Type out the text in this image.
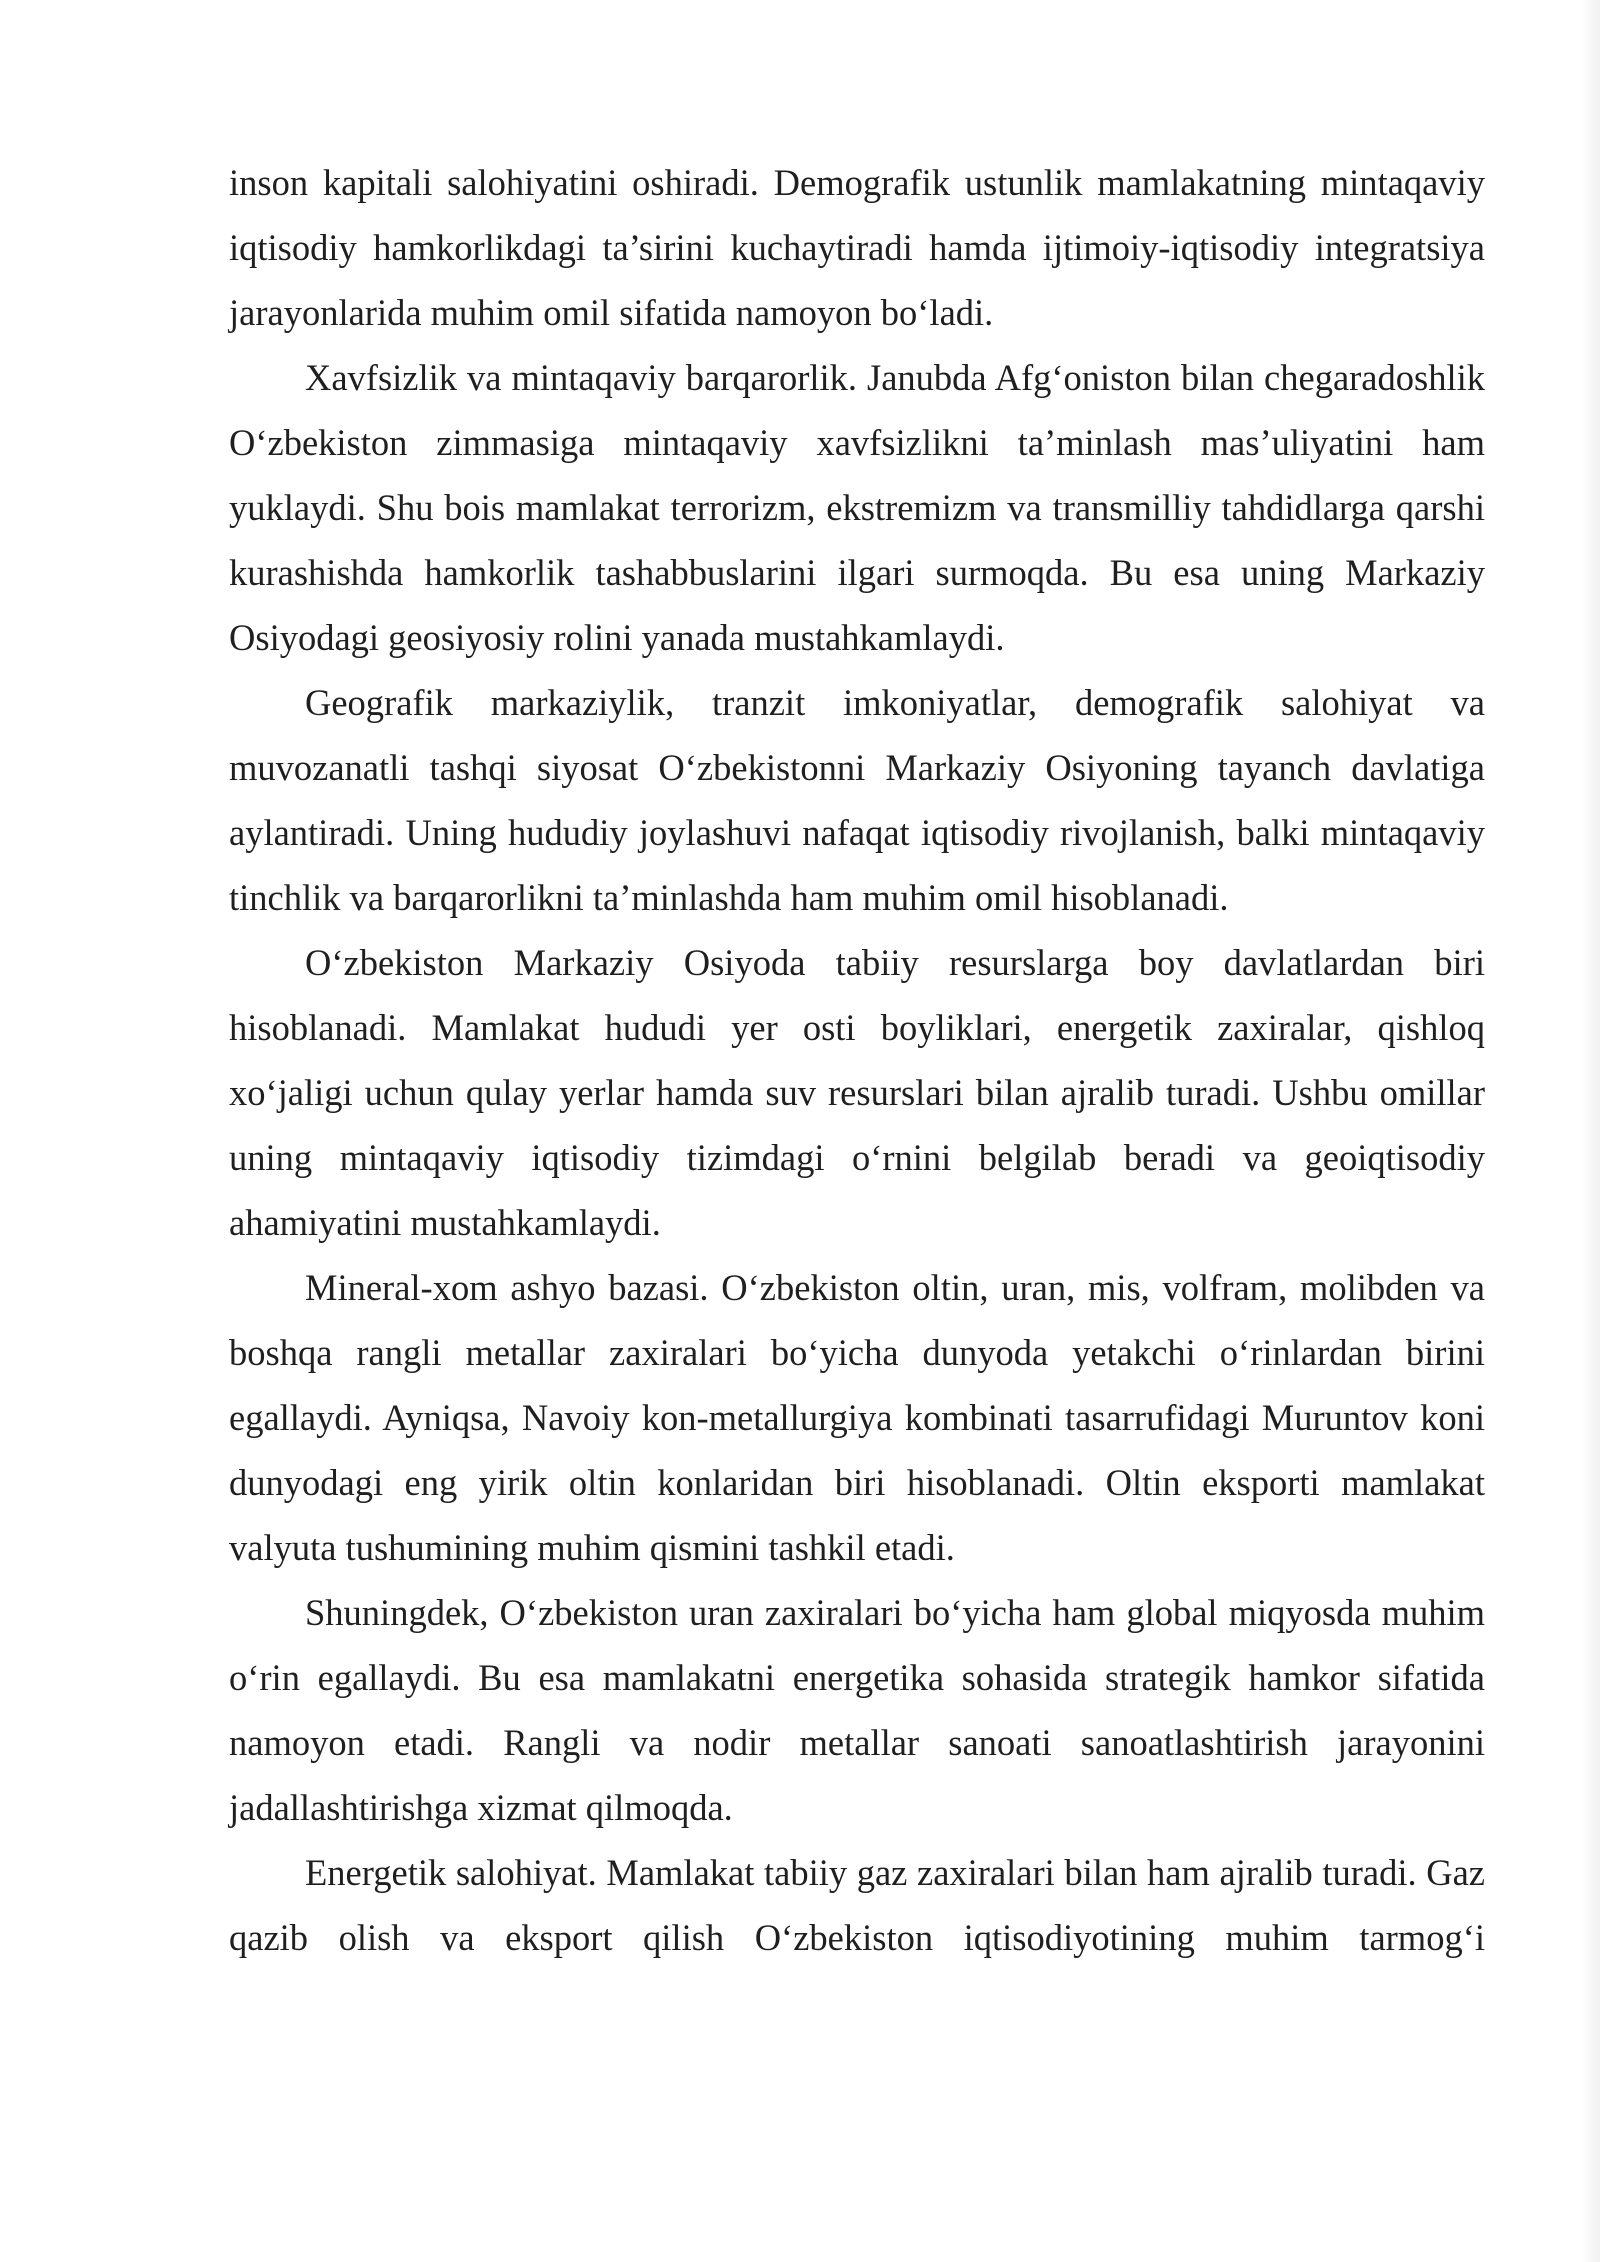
inson kapitali salohiyatini oshiradi. Demografik ustunlik mamlakatning mintaqaviy iqtisodiy hamkorlikdagi ta’sirini kuchaytiradi hamda ijtimoiy-iqtisodiy integratsiya jarayonlarida muhim omil sifatida namoyon bo‘ladi.

Xavfsizlik va mintaqaviy barqarorlik. Janubda Afg‘oniston bilan chegaradoshlik O‘zbekiston zimmasiga mintaqaviy xavfsizlikni ta’minlash mas’uliyatini ham yuklaydi. Shu bois mamlakat terrorizm, ekstremizm va transmilliy tahdidlarga qarshi kurashishda hamkorlik tashabbuslarini ilgari surmoqda. Bu esa uning Markaziy Osiyodagi geosiyosiy rolini yanada mustahkamlaydi.

Geografik markaziylik, tranzit imkoniyatlar, demografik salohiyat va muvozanatli tashqi siyosat O‘zbekistonni Markaziy Osiyoning tayanch davlatiga aylantiradi. Uning hududiy joylashuvi nafaqat iqtisodiy rivojlanish, balki mintaqaviy tinchlik va barqarorlikni ta’minlashda ham muhim omil hisoblanadi.

O‘zbekiston Markaziy Osiyoda tabiiy resurslarga boy davlatlardan biri hisoblanadi. Mamlakat hududi yer osti boyliklari, energetik zaxiralar, qishloq xo‘jaligi uchun qulay yerlar hamda suv resurslari bilan ajralib turadi. Ushbu omillar uning mintaqaviy iqtisodiy tizimdagi o‘rnini belgilab beradi va geoiqtisodiy ahamiyatini mustahkamlaydi.

Mineral-xom ashyo bazasi. O‘zbekiston oltin, uran, mis, volfram, molibden va boshqa rangli metallar zaxiralari bo‘yicha dunyoda yetakchi o‘rinlardan birini egallaydi. Ayniqsa, Navoiy kon-metallurgiya kombinati tasarrufidagi Muruntov koni dunyodagi eng yirik oltin konlaridan biri hisoblanadi. Oltin eksporti mamlakat valyuta tushumining muhim qismini tashkil etadi.

Shuningdek, O‘zbekiston uran zaxiralari bo‘yicha ham global miqyosda muhim o‘rin egallaydi. Bu esa mamlakatni energetika sohasida strategik hamkor sifatida namoyon etadi. Rangli va nodir metallar sanoati sanoatlashtirish jarayonini jadallashtirishga xizmat qilmoqda.

Energetik salohiyat. Mamlakat tabiiy gaz zaxiralari bilan ham ajralib turadi. Gaz qazib olish va eksport qilish O‘zbekiston iqtisodiyotining muhim tarmog‘i
